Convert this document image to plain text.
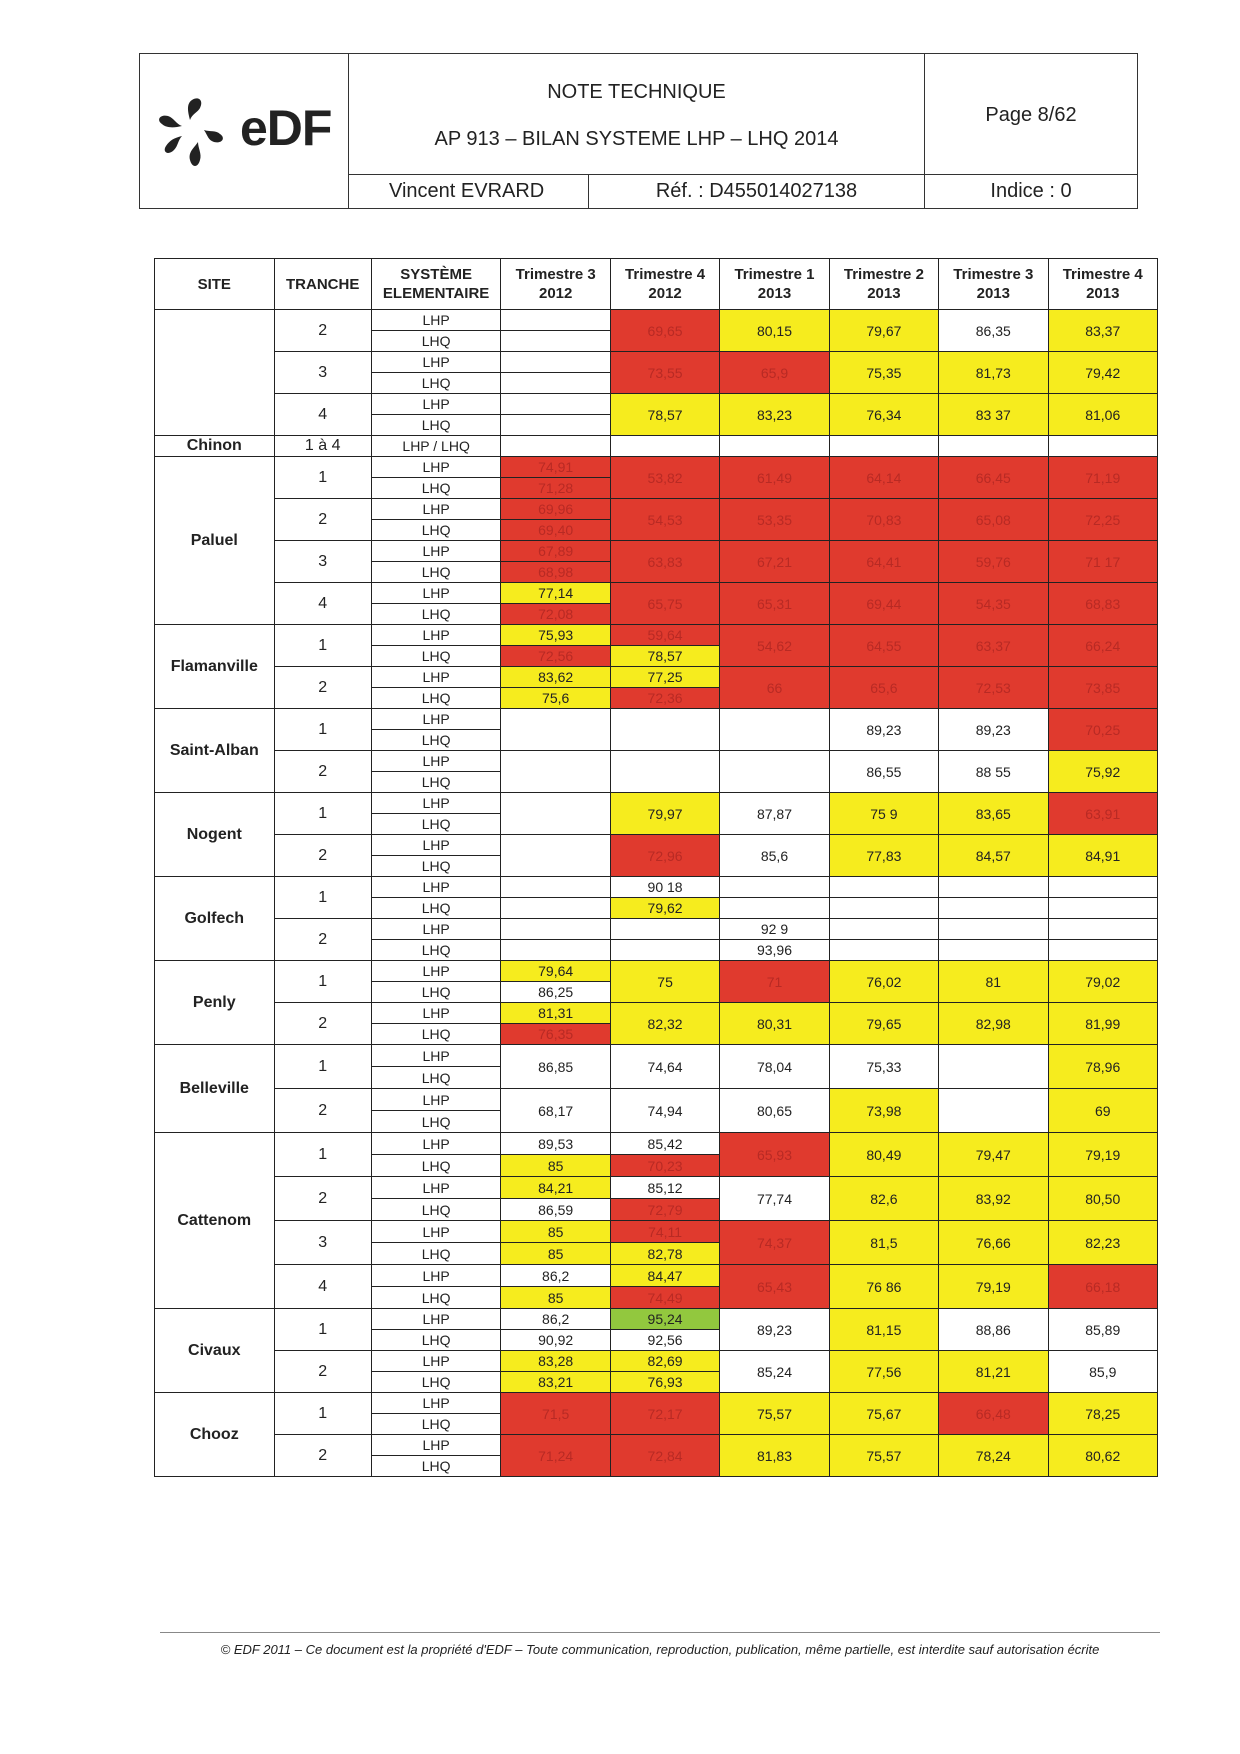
eDF
NOTE TECHNIQUE
AP 913 – BILAN SYSTEME LHP – LHQ 2014
Page 8/62
Vincent EVRARD	Réf. : D455014027138	Indice : 0
SITE	TRANCHE	SYSTÈME ELEMENTAIRE	Trimestre 3 2012	Trimestre 4 2012	Trimestre 1 2013	Trimestre 2 2013	Trimestre 3 2013	Trimestre 4 2013
	2	LHP		69,65	80,15	79,67	86,35	83,37
		LHQ						
	3	LHP		73,55	65,9	75,35	81,73	79,42
		LHQ						
	4	LHP		78,57	83,23	76,34	83 37	81,06
		LHQ						
Chinon	1 à 4	LHP / LHQ						
Paluel	1	LHP	74,91	53,82	61,49	64,14	66,45	71,19
		LHQ	71,28					
	2	LHP	69,96	54,53	53,35	70,83	65,08	72,25
		LHQ	69,40					
	3	LHP	67,89	63,83	67,21	64,41	59,76	71 17
		LHQ	68,98					
	4	LHP	77,14	65,75	65,31	69,44	54,35	68,83
		LHQ	72,08					
Flamanville	1	LHP	75,93	59,64	54,62	64,55	63,37	66,24
		LHQ	72,56	78,57				
	2	LHP	83,62	77,25	66	65,6	72,53	73,85
		LHQ	75,6	72,36				
Saint-Alban	1	LHP				89,23	89,23	70,25
		LHQ						
	2	LHP				86,55	88 55	75,92
		LHQ						
Nogent	1	LHP		79,97	87,87	75 9	83,65	63,91
		LHQ						
	2	LHP		72,96	85,6	77,83	84,57	84,91
		LHQ						
Golfech	1	LHP		90 18				
		LHQ		79,62				
	2	LHP			92 9			
		LHQ			93,96			
Penly	1	LHP	79,64	75	71	76,02	81	79,02
		LHQ	86,25					
	2	LHP	81,31	82,32	80,31	79,65	82,98	81,99
		LHQ	76,35					
Belleville	1	LHP	86,85	74,64	78,04	75,33		78,96
		LHQ						
	2	LHP	68,17	74,94	80,65	73,98		69
		LHQ						
Cattenom	1	LHP	89,53	85,42	65,93	80,49	79,47	79,19
		LHQ	85	70,23				
	2	LHP	84,21	85,12	77,74	82,6	83,92	80,50
		LHQ	86,59	72,79				
	3	LHP	85	74,11	74,37	81,5	76,66	82,23
		LHQ	85	82,78				
	4	LHP	86,2	84,47	65,43	76 86	79,19	66,18
		LHQ	85	74,49				
Civaux	1	LHP	86,2	95,24	89,23	81,15	88,86	85,89
		LHQ	90,92	92,56				
	2	LHP	83,28	82,69	85,24	77,56	81,21	85,9
		LHQ	83,21	76,93				
Chooz	1	LHP	71,5	72,17	75,57	75,67	66,48	78,25
		LHQ						
	2	LHP	71,24	72,84	81,83	75,57	78,24	80,62
		LHQ						
© EDF 2011 – Ce document est la propriété d'EDF – Toute communication, reproduction, publication, même partielle, est interdite sauf autorisation écrite
